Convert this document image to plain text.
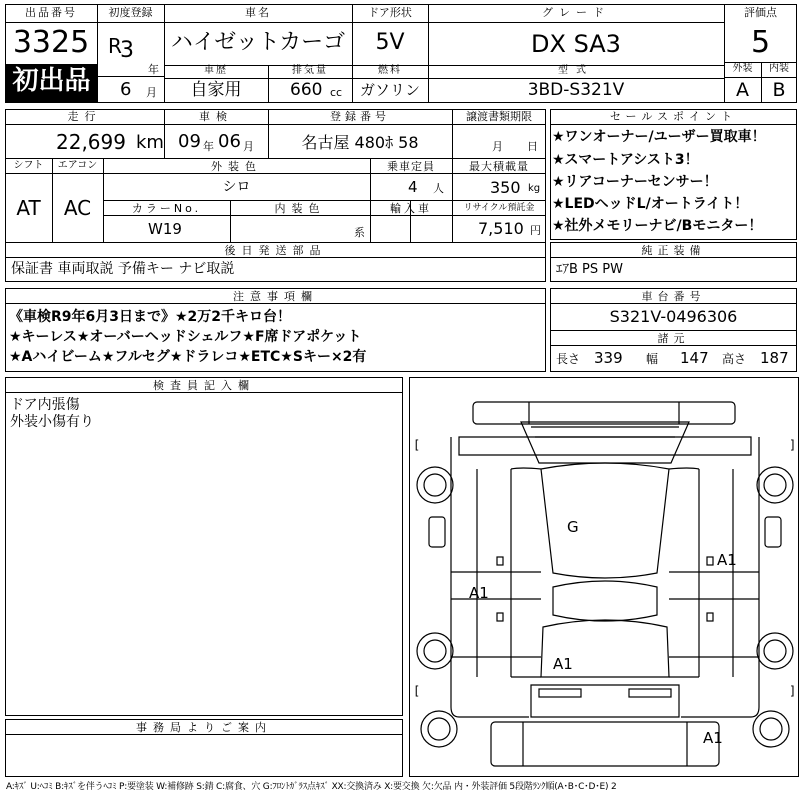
出品番号
3325
初出品
初度登録
R
3
年
6 月
車名
ハイゼットカーゴ
ドア形状
5V
グレード
DX SA3
評価点
5
車歴
自家用
排気量
660 cc
燃料
ガソリン
型式
3BD-S321V
外装	内装
A	B
走行
22,699 km
車検
09 年 06 月
登録番号
名古屋 480ﾎ 58
譲渡書類期限
月 日
シフト	エアコン
AT	AC
外装色
シロ
乗車定員
4 人
最大積載量
350 kg
カラーNo.
W19
内装色
系
輸入車	リサイクル預託金
7,510 円
後日発送部品
保証書 車両取説 予備キー ナビ取説
セールスポイント
★ワンオーナー/ユーザー買取車！
★スマートアシスト3！
★リアコーナーセンサー！
★LEDヘッドL/オートライト！
★社外メモリーナビ/Bモニター！
純正装備
ｴｱB PS PW
注意事項欄
《車検R9年6月3日まで》★2万2千キロ台！
★キーレス★オーバーヘッドシェルフ★F席ドアポケット
★Aハイビーム★フルセグ★ドラレコ★ETC★Sキー×2有
車台番号
S321V-0496306
諸元
長さ 339 幅 147 高さ 187
検査員記入欄
ドア内張傷
外装小傷有り
事務局よりご案内
[	]
[	]
G
A1
A1
A1
A1
A:ｷｽﾞ U:ﾍｺﾐ B:ｷｽﾞを伴うﾍｺﾐ P:要塗装 W:補修跡 S:錆 C:腐食、穴 G:ﾌﾛﾝﾄｶﾞﾗｽ点ｷｽﾞ XX:交換済み X:要交換 欠:欠品 内・外装評価 5段階ﾗﾝｸ順(A･B･C･D･E) 2
